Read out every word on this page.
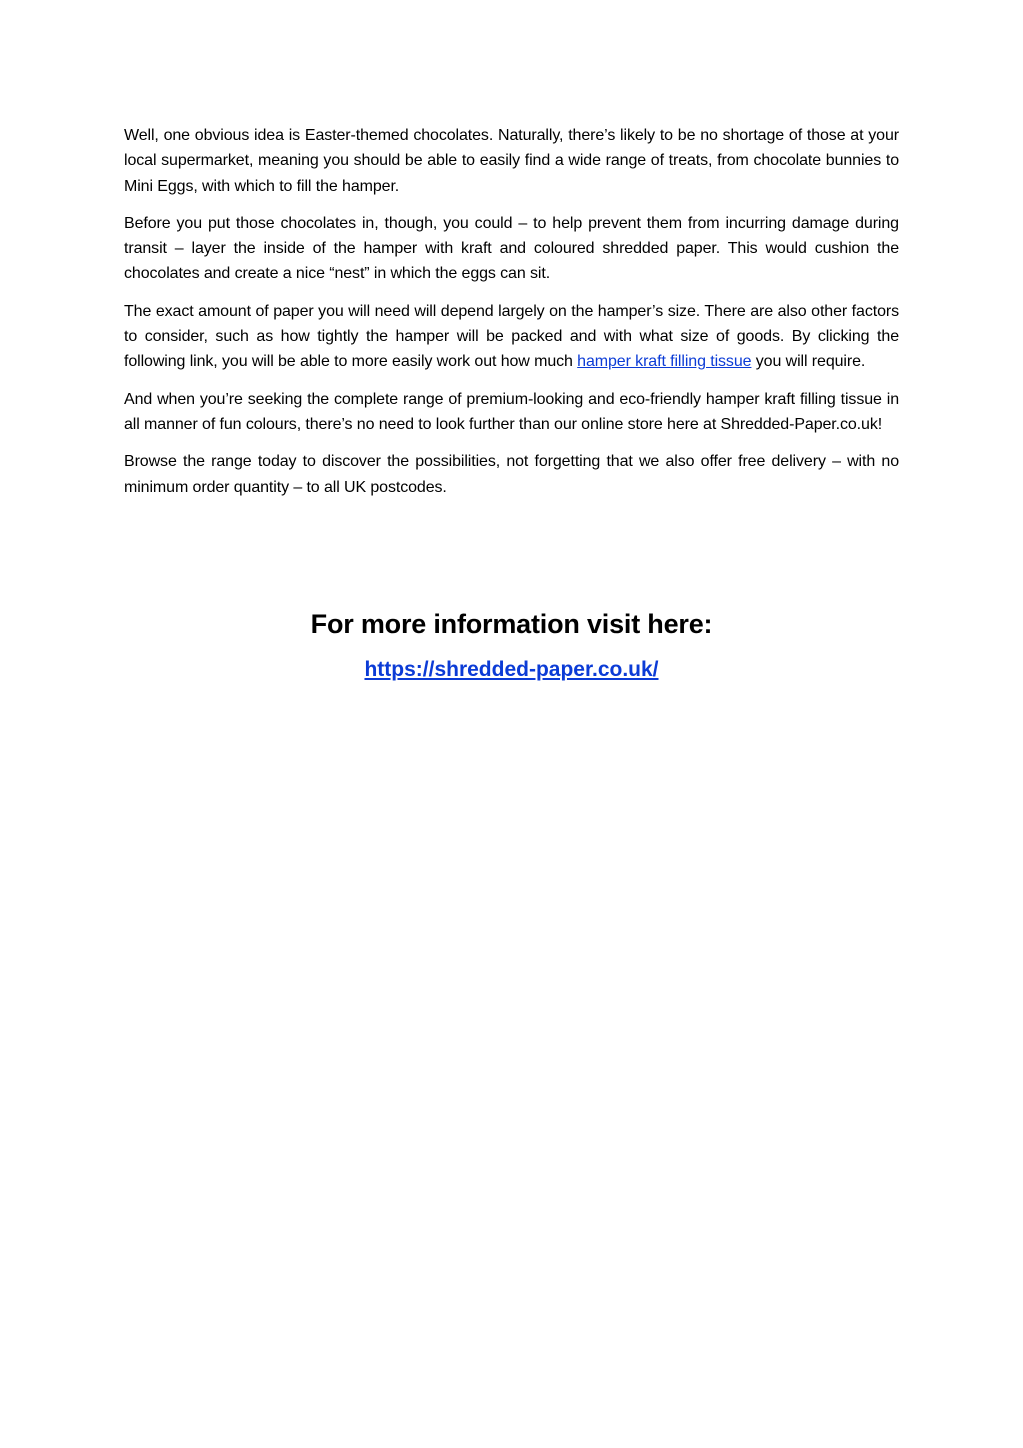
Well, one obvious idea is Easter-themed chocolates. Naturally, there’s likely to be no shortage of those at your local supermarket, meaning you should be able to easily find a wide range of treats, from chocolate bunnies to Mini Eggs, with which to fill the hamper.

Before you put those chocolates in, though, you could – to help prevent them from incurring damage during transit – layer the inside of the hamper with kraft and coloured shredded paper. This would cushion the chocolates and create a nice “nest” in which the eggs can sit.

The exact amount of paper you will need will depend largely on the hamper’s size. There are also other factors to consider, such as how tightly the hamper will be packed and with what size of goods. By clicking the following link, you will be able to more easily work out how much hamper kraft filling tissue you will require.

And when you’re seeking the complete range of premium-looking and eco-friendly hamper kraft filling tissue in all manner of fun colours, there’s no need to look further than our online store here at Shredded-Paper.co.uk!

Browse the range today to discover the possibilities, not forgetting that we also offer free delivery – with no minimum order quantity – to all UK postcodes.

For more information visit here:
https://shredded-paper.co.uk/
